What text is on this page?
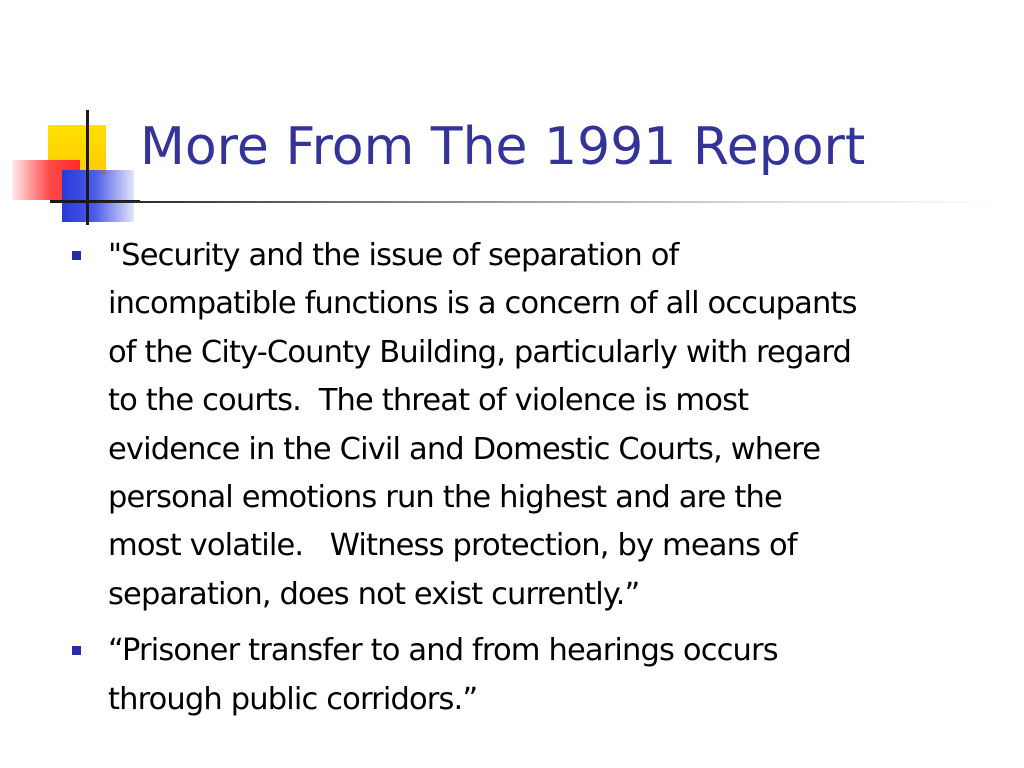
More From The 1991 Report
"Security and the issue of separation of
incompatible functions is a concern of all occupants
of the City-County Building, particularly with regard
to the courts.  The threat of violence is most
evidence in the Civil and Domestic Courts, where
personal emotions run the highest and are the
most volatile.   Witness protection, by means of
separation, does not exist currently.”
“Prisoner transfer to and from hearings occurs
through public corridors.”
